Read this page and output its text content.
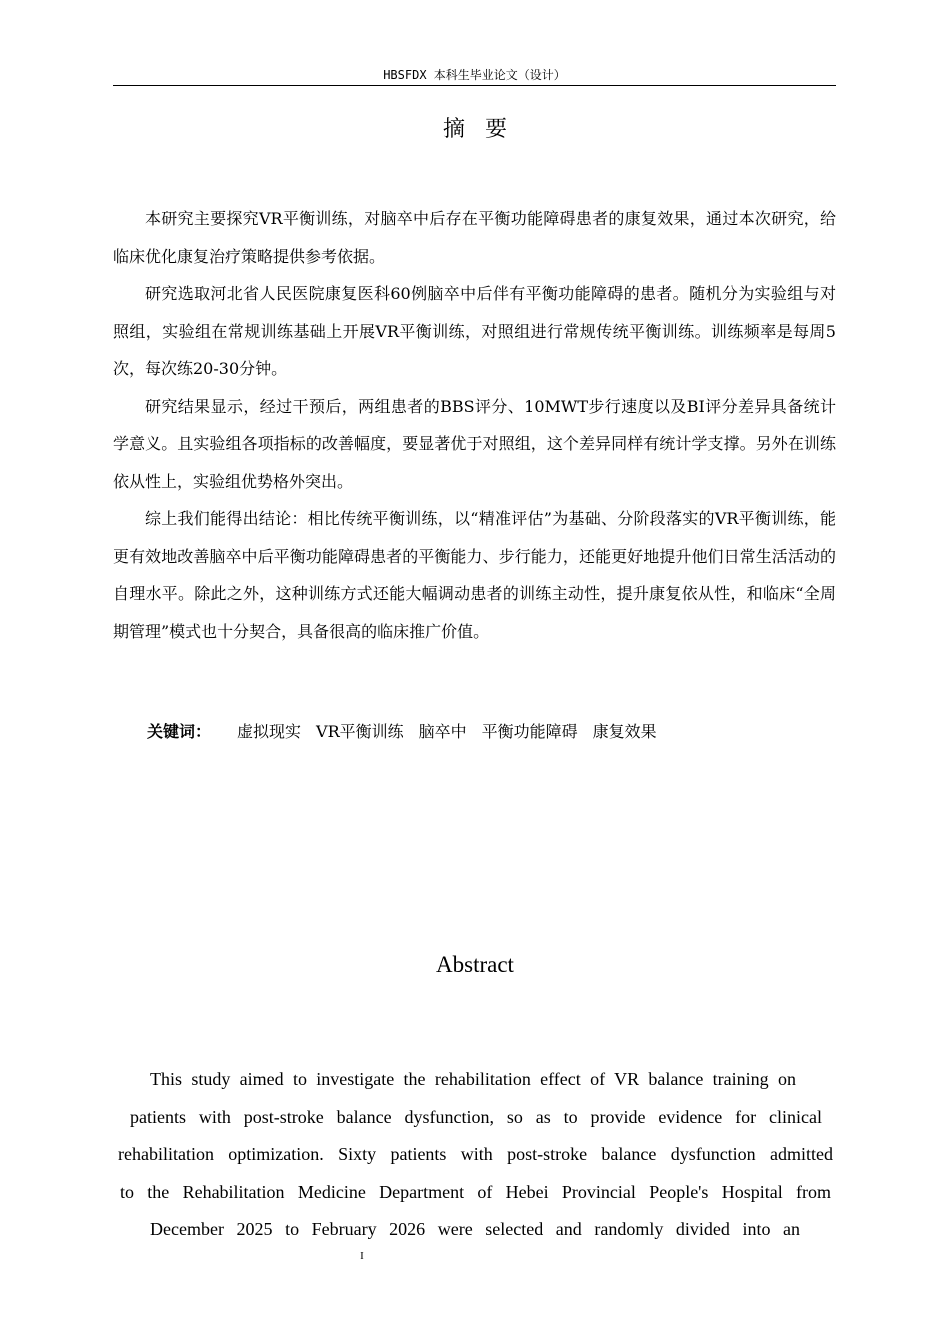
HBSFDX 本科生毕业论文（设计）
摘要

本研究主要探究VR平衡训练，对脑卒中后存在平衡功能障碍患者的康复效果，通过本次研究，给临床优化康复治疗策略提供参考依据。

研究选取河北省人民医院康复医科60例脑卒中后伴有平衡功能障碍的患者。随机分为实验组与对照组，实验组在常规训练基础上开展VR平衡训练，对照组进行常规传统平衡训练。训练频率是每周5次，每次练20-30分钟。

研究结果显示，经过干预后，两组患者的BBS评分、10MWT步行速度以及BI评分差异具备统计学意义。且实验组各项指标的改善幅度，要显著优于对照组，这个差异同样有统计学支撑。另外在训练依从性上，实验组优势格外突出。

综上我们能得出结论：相比传统平衡训练，以“精准评估”为基础、分阶段落实的VR平衡训练，能更有效地改善脑卒中后平衡功能障碍患者的平衡能力、步行能力，还能更好地提升他们日常生活活动的自理水平。除此之外，这种训练方式还能大幅调动患者的训练主动性，提升康复依从性，和临床“全周期管理”模式也十分契合，具备很高的临床推广价值。

关键词： 虚拟现实 VR平衡训练 脑卒中 平衡功能障碍 康复效果
Abstract
This study aimed to investigate the rehabilitation effect of VR balance training on
patients with post-stroke balance dysfunction, so as to provide evidence for clinical
rehabilitation optimization. Sixty patients with post-stroke balance dysfunction admitted
to the Rehabilitation Medicine Department of Hebei Provincial People's Hospital from
December 2025 to February 2026 were selected and randomly divided into an
I
